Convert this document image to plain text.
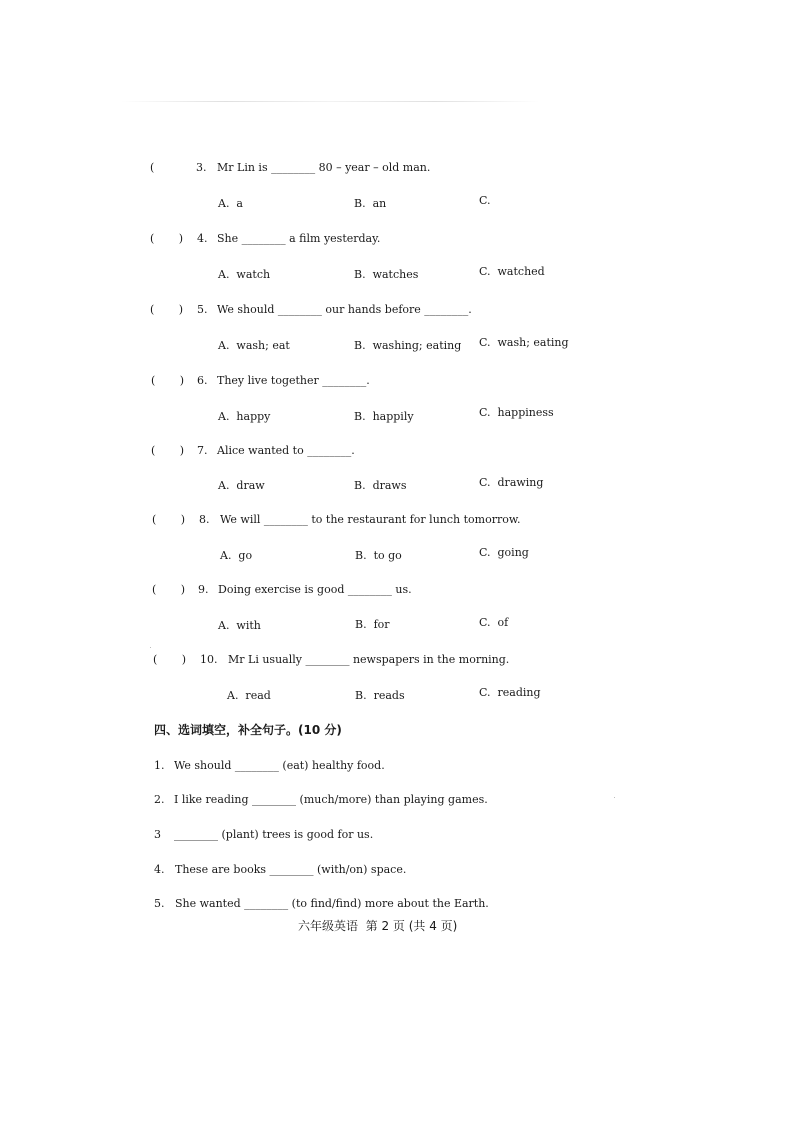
(	3. Mr Lin is ________ 80 – year – old man.
A.  a	B.  an	C.
(       ) 4. She ________ a film yesterday.
A.  watch	B.  watches	C.  watched
(       ) 5. We should ________ our hands before ________.
A.  wash; eat	B.  washing; eating C.  wash; eating
(       ) 6. They live together ________.
A.  happy	B.  happily	C.  happiness
(       ) 7. Alice wanted to ________.
A.  draw	B.  draws	C.  drawing
(       ) 8. We will ________ to the restaurant for lunch tomorrow.
A.  go	B.  to go	C.  going
(       ) 9. Doing exercise is good ________ us.
A.  with	B.  for	C.  of
(       ) 10. Mr Li usually ________ newspapers in the morning.
A.  read	B.  reads	C.  reading
四、选词填空，补全句子。(10 分)
1. We should ________ (eat) healthy food.
2. I like reading ________ (much/more) than playing games.
3 ________ (plant) trees is good for us.
4. These are books ________ (with/on) space.
5. She wanted ________ (to find/find) more about the Earth.
六年级英语  第 2 页 (共 4 页)
